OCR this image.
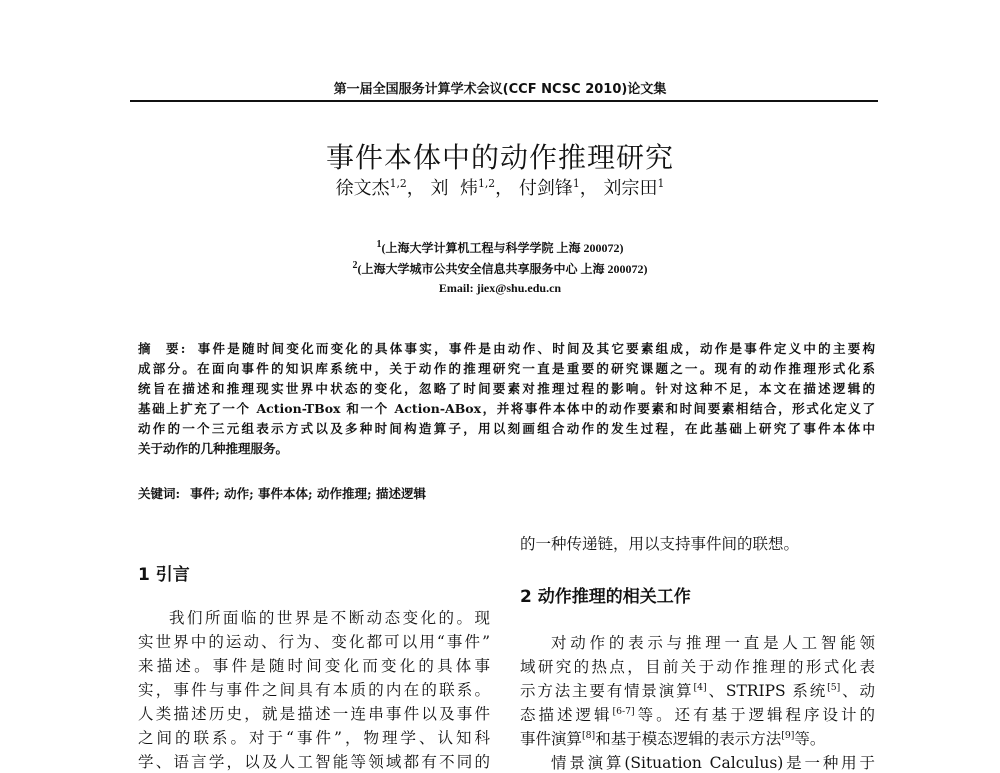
第一届全国服务计算学术会议(CCF NCSC 2010)论文集
事件本体中的动作推理研究
徐文杰$^{1,2}$， 刘  炜$^{1,2}$， 付剑锋$^1$， 刘宗田$^1$
$^1$(上海大学计算机工程与科学学院 上海 200072)
$^2$(上海大学城市公共安全信息共享服务中心 上海 200072)
Email: jiex@shu.edu.cn
摘  要: 事件是随时间变化而变化的具体事实，事件是由动作、时间及其它要素组成，动作是事件定义中的主要构
成部分。在面向事件的知识库系统中，关于动作的推理研究一直是重要的研究课题之一。现有的动作推理形式化系
统旨在描述和推理现实世界中状态的变化，忽略了时间要素对推理过程的影响。针对这种不足，本文在描述逻辑的
基础上扩充了一个 Action-TBox 和一个 Action-ABox，并将事件本体中的动作要素和时间要素相结合，形式化定义了
动作的一个三元组表示方式以及多种时间构造算子，用以刻画组合动作的发生过程，在此基础上研究了事件本体中
关于动作的几种推理服务。
关键词: 事件; 动作; 事件本体; 动作推理; 描述逻辑
1 引言
我们所面临的世界是不断动态变化的。现
实世界中的运动、行为、变化都可以用“事件”
来描述。事件是随时间变化而变化的具体事
实，事件与事件之间具有本质的内在的联系。
人类描述历史，就是描述一连串事件以及事件
之间的联系。对于“事件”，物理学、认知科
学、语言学，以及人工智能等领域都有不同的
的一种传递链，用以支持事件间的联想。
2 动作推理的相关工作
对动作的表示与推理一直是人工智能领
域研究的热点，目前关于动作推理的形式化表
示方法主要有情景演算[4]、STRIPS 系统[5]、动
态描述逻辑[6-7]等。还有基于逻辑程序设计的
事件演算[8]和基于模态逻辑的表示方法[9]等。
情景演算(Situation Calculus)是一种用于
